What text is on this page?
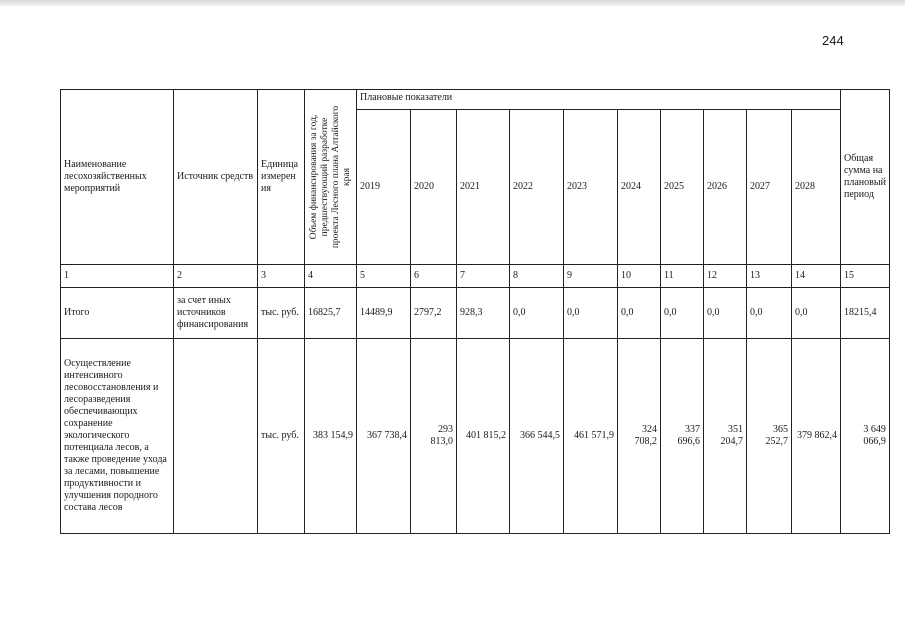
244
Наименование лесохозяйственных мероприятий	Источник средств	Единица измерен ия	Объем финансирования за год, предшествующий разработке проекта Лесного плана Алтайского края	Плановые показатели										Общая сумма на плановый период
				2019	2020	2021	2022	2023	2024	2025	2026	2027	2028	
1	2	3	4	5	6	7	8	9	10	11	12	13	14	15
Итого	за счет иных источников финансирования	тыс. руб.	16825,7	14489,9	2797,2	928,3	0,0	0,0	0,0	0,0	0,0	0,0	0,0	18215,4
Осуществление интенсивного лесовосстановления и лесоразведения обеспечивающих сохранение экологического потенциала лесов, а также проведение ухода за лесами, повышение продуктивности и улучшения породного состава лесов		тыс. руб.	383 154,9	367 738,4	293 813,0	401 815,2	366 544,5	461 571,9	324 708,2	337 696,6	351 204,7	365 252,7	379 862,4	3 649 066,9
